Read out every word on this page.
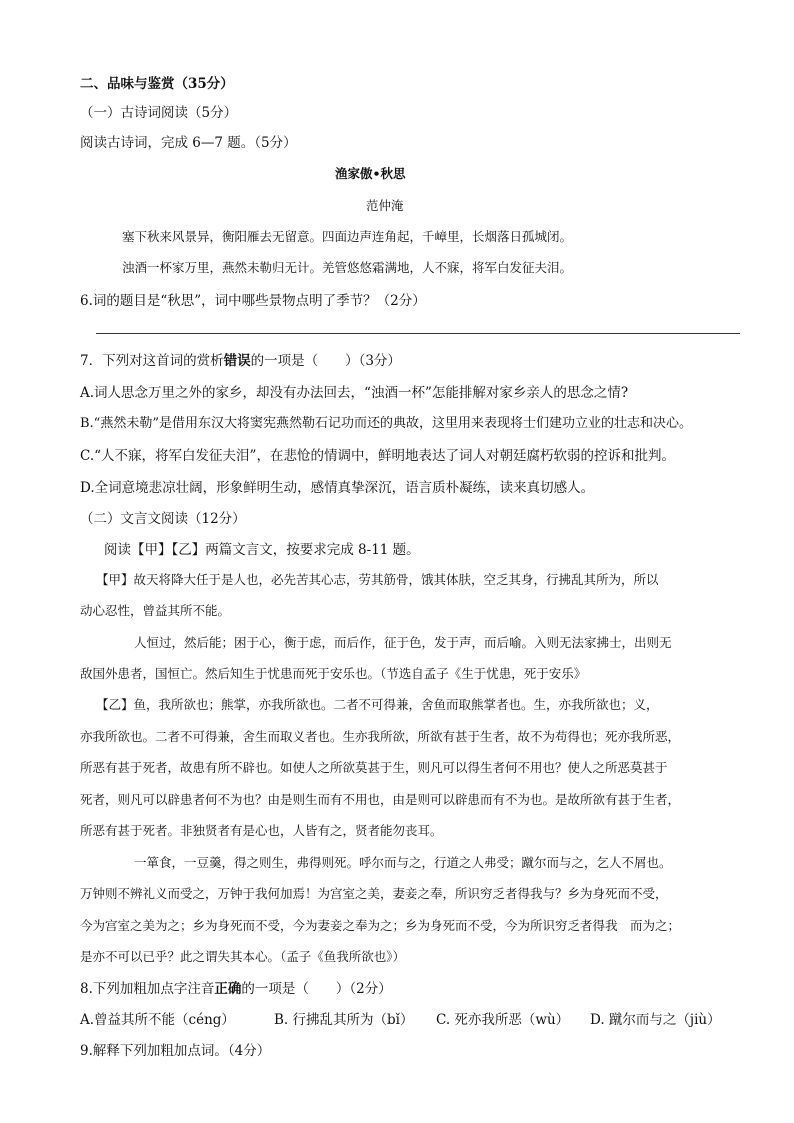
二、品味与鉴赏（35分）
（一）古诗词阅读（5分）
阅读古诗词，完成 6—7 题。（5分）
渔家傲•秋思
范仲淹
塞下秋来风景异，衡阳雁去无留意。四面边声连角起，千嶂里，长烟落日孤城闭。
浊酒一杯家万里，燕然未勒归无计。羌管悠悠霜满地，人不寐，将军白发征夫泪。
6.词的题目是“秋思”，词中哪些景物点明了季节？（2分）
7．下列对这首词的赏析错误的一项是（　　）（3分）
A.词人思念万里之外的家乡，却没有办法回去，“浊酒一杯”怎能排解对家乡亲人的思念之情?
B.“燕然未勒”是借用东汉大将窦宪燕然勒石记功而还的典故，这里用来表现将士们建功立业的壮志和决心。
C.“人不寐，将军白发征夫泪”，在悲怆的情调中，鲜明地表达了词人对朝廷腐朽软弱的控诉和批判。
D.全词意境悲凉壮阔，形象鲜明生动，感情真挚深沉，语言质朴凝练，读来真切感人。
（二）文言文阅读（12分）
阅读【甲】【乙】两篇文言文，按要求完成 8-11 题。
【甲】故天将降大任于是人也，必先苦其心志，劳其筋骨，饿其体肤，空乏其身，行拂乱其所为，所以
动心忍性，曾益其所不能。
人恒过，然后能；困于心，衡于虑，而后作，征于色，发于声，而后喻。入则无法家拂士，出则无
敌国外患者，国恒亡。然后知生于忧患而死于安乐也。（节选自孟子《生于忧患，死于安乐》
【乙】鱼，我所欲也；熊掌，亦我所欲也。二者不可得兼，舍鱼而取熊掌者也。生，亦我所欲也；义，
亦我所欲也。二者不可得兼，舍生而取义者也。生亦我所欲，所欲有甚于生者，故不为苟得也；死亦我所恶，
所恶有甚于死者，故患有所不辟也。如使人之所欲莫甚于生，则凡可以得生者何不用也？使人之所恶莫甚于
死者，则凡可以辟患者何不为也？由是则生而有不用也，由是则可以辟患而有不为也。是故所欲有甚于生者，
所恶有甚于死者。非独贤者有是心也，人皆有之，贤者能勿丧耳。
一箪食，一豆羹，得之则生，弗得则死。呼尔而与之，行道之人弗受；蹴尔而与之，乞人不屑也。
万钟则不辨礼义而受之，万钟于我何加焉！为宫室之美，妻妾之奉，所识穷乏者得我与？乡为身死而不受，
今为宫室之美为之；乡为身死而不受，今为妻妾之奉为之；乡为身死而不受，今为所识穷乏者得我　而为之；
是亦不可以已乎？此之谓失其本心。（孟子《鱼我所欲也》）
8.下列加粗加点字注音正确的一项是（　　）（2分）
A.曾益其所不能（céng）	B. 行拂乱其所为（bǐ） C. 死亦我所恶（wù） D. 蹴尔而与之（jiù）
9.解释下列加粗加点词。（4分）
